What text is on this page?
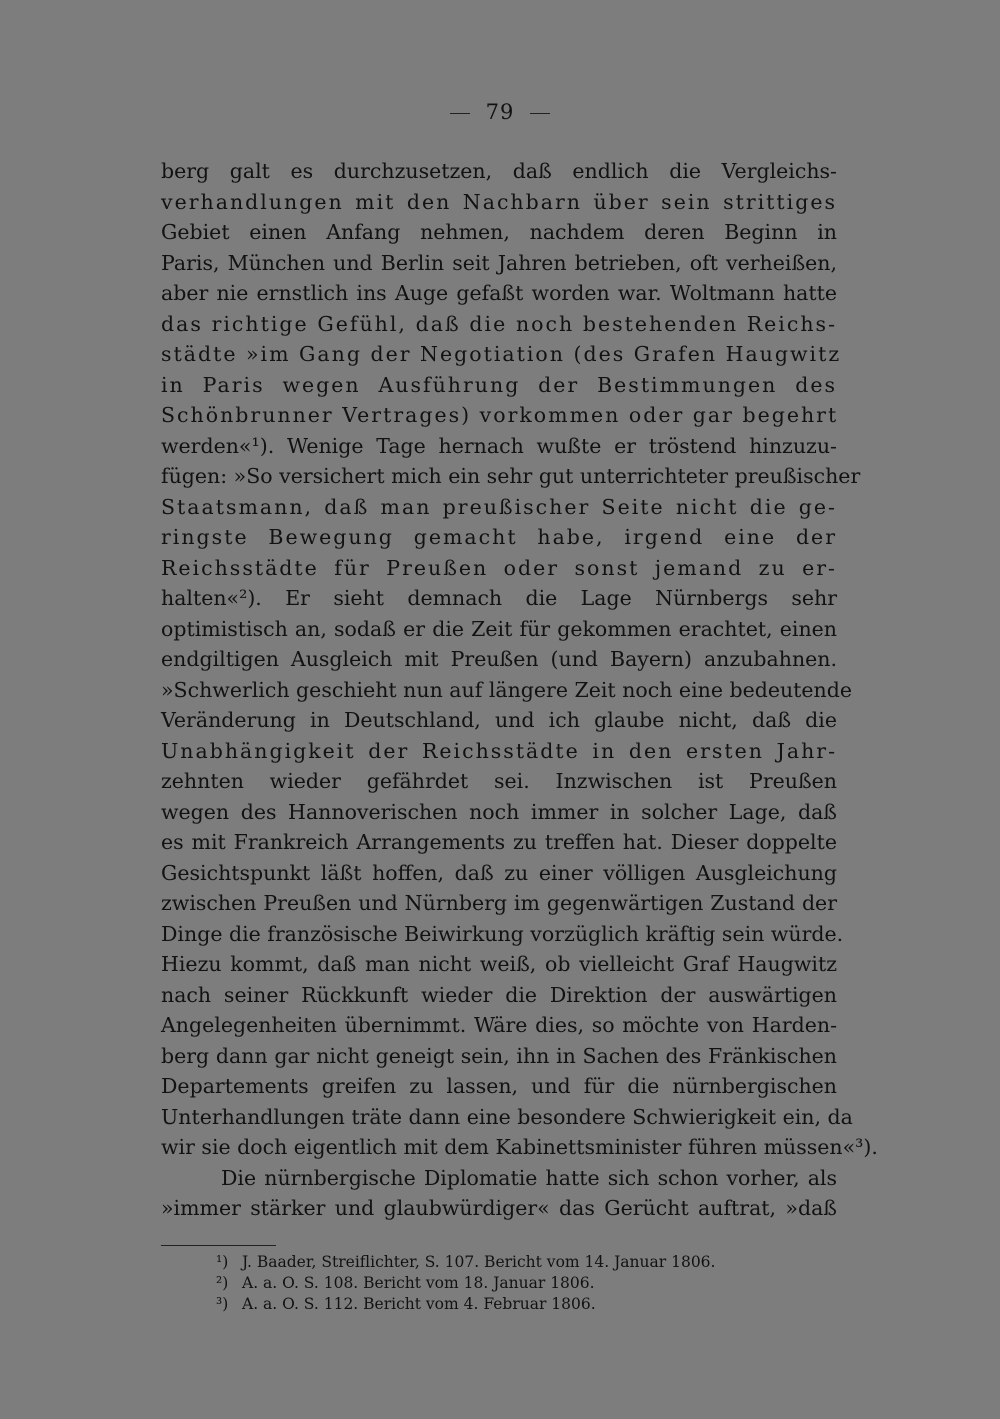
79
berg galt es durchzusetzen, daß endlich die Vergleichs-
verhandlungen mit den Nachbarn über sein strittiges
Gebiet einen Anfang nehmen, nachdem deren Beginn in
Paris, München und Berlin seit Jahren betrieben, oft verheißen,
aber nie ernstlich ins Auge gefaßt worden war. Woltmann hatte
das richtige Gefühl, daß die noch bestehenden Reichs-
städte »im Gang der Negotiation (des Grafen Haugwitz
in Paris wegen Ausführung der Bestimmungen des
Schönbrunner Vertrages) vorkommen oder gar begehrt
werden«¹). Wenige Tage hernach wußte er tröstend hinzuzu-
fügen: »So versichert mich ein sehr gut unterrichteter preußischer
Staatsmann, daß man preußischer Seite nicht die ge-
ringste Bewegung gemacht habe, irgend eine der
Reichsstädte für Preußen oder sonst jemand zu er-
halten«²). Er sieht demnach die Lage Nürnbergs sehr
optimistisch an, sodaß er die Zeit für gekommen erachtet, einen
endgiltigen Ausgleich mit Preußen (und Bayern) anzubahnen.
»Schwerlich geschieht nun auf längere Zeit noch eine bedeutende
Veränderung in Deutschland, und ich glaube nicht, daß die
Unabhängigkeit der Reichsstädte in den ersten Jahr-
zehnten wieder gefährdet sei. Inzwischen ist Preußen
wegen des Hannoverischen noch immer in solcher Lage, daß
es mit Frankreich Arrangements zu treffen hat. Dieser doppelte
Gesichtspunkt läßt hoffen, daß zu einer völligen Ausgleichung
zwischen Preußen und Nürnberg im gegenwärtigen Zustand der
Dinge die französische Beiwirkung vorzüglich kräftig sein würde.
Hiezu kommt, daß man nicht weiß, ob vielleicht Graf Haugwitz
nach seiner Rückkunft wieder die Direktion der auswärtigen
Angelegenheiten übernimmt. Wäre dies, so möchte von Harden-
berg dann gar nicht geneigt sein, ihn in Sachen des Fränkischen
Departements greifen zu lassen, und für die nürnbergischen
Unterhandlungen träte dann eine besondere Schwierigkeit ein, da
wir sie doch eigentlich mit dem Kabinettsminister führen müssen«³).
Die nürnbergische Diplomatie hatte sich schon vorher, als
»immer stärker und glaubwürdiger« das Gerücht auftrat, »daß
¹) J. Baader, Streiflichter, S. 107. Bericht vom 14. Januar 1806.
²) A. a. O. S. 108. Bericht vom 18. Januar 1806.
³) A. a. O. S. 112. Bericht vom 4. Februar 1806.
